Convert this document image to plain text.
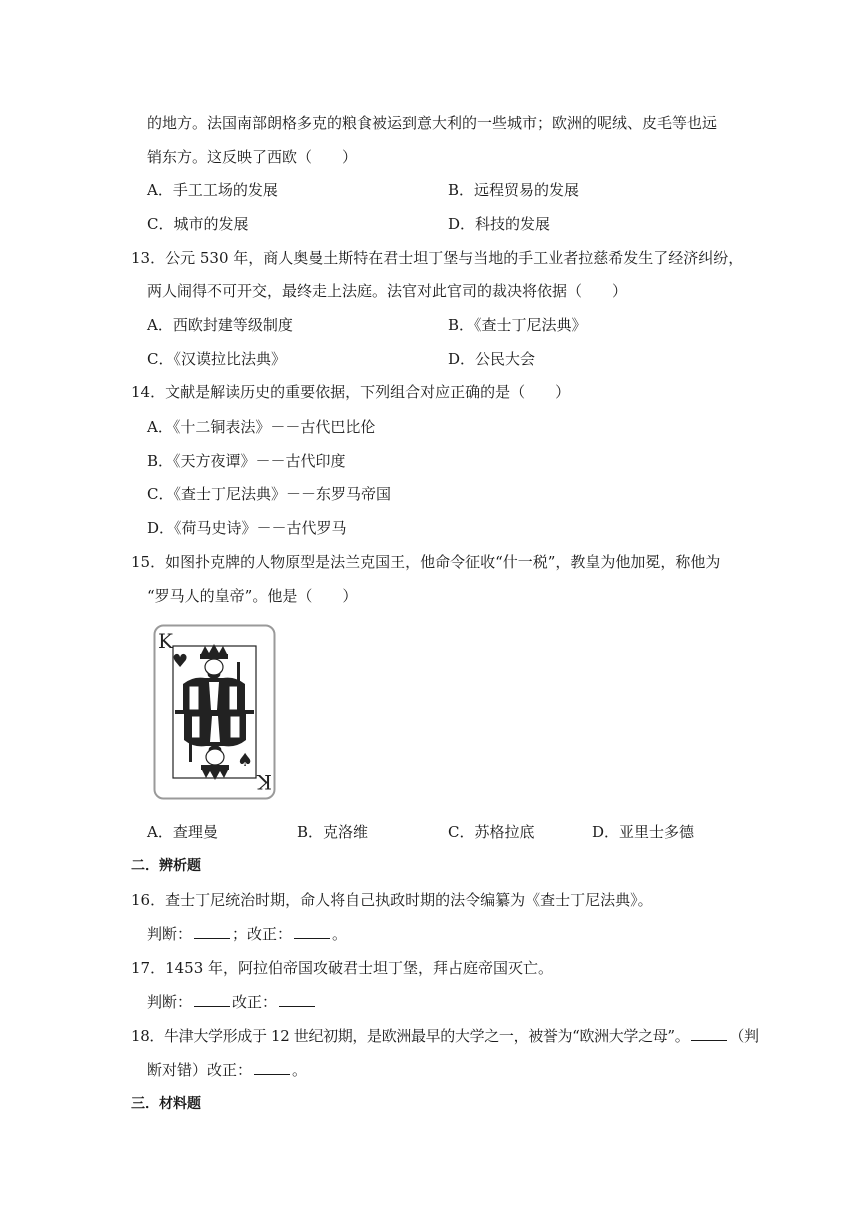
的地方。法国南部朗格多克的粮食被运到意大利的一些城市；欧洲的呢绒、皮毛等也远
销东方。这反映了西欧（　　）
A．手工工场的发展	B．远程贸易的发展
C．城市的发展	D．科技的发展
13．公元 530 年，商人奥曼土斯特在君士坦丁堡与当地的手工业者拉慈希发生了经济纠纷，
两人闹得不可开交，最终走上法庭。法官对此官司的裁决将依据（　　）
A．西欧封建等级制度	B．《查士丁尼法典》
C．《汉谟拉比法典》	D．公民大会
14．文献是解读历史的重要依据，下列组合对应正确的是（　　）
A．《十二铜表法》－－古代巴比伦
B．《天方夜谭》－－古代印度
C．《查士丁尼法典》－－东罗马帝国
D．《荷马史诗》－－古代罗马
15．如图扑克牌的人物原型是法兰克国王，他命令征收“什一税”，教皇为他加冕，称他为
“罗马人的皇帝”。他是（　　）
K
♥
♠
K
A．查理曼	B．克洛维	C．苏格拉底	D．亚里士多德
二．辨析题
16．查士丁尼统治时期，命人将自己执政时期的法令编纂为《查士丁尼法典》。
判断：	；改正：	。
17．1453 年，阿拉伯帝国攻破君士坦丁堡，拜占庭帝国灭亡。
判断：	改正：
18．牛津大学形成于 12 世纪初期，是欧洲最早的大学之一，被誉为“欧洲大学之母”。	（判
断对错）改正：	。
三．材料题
